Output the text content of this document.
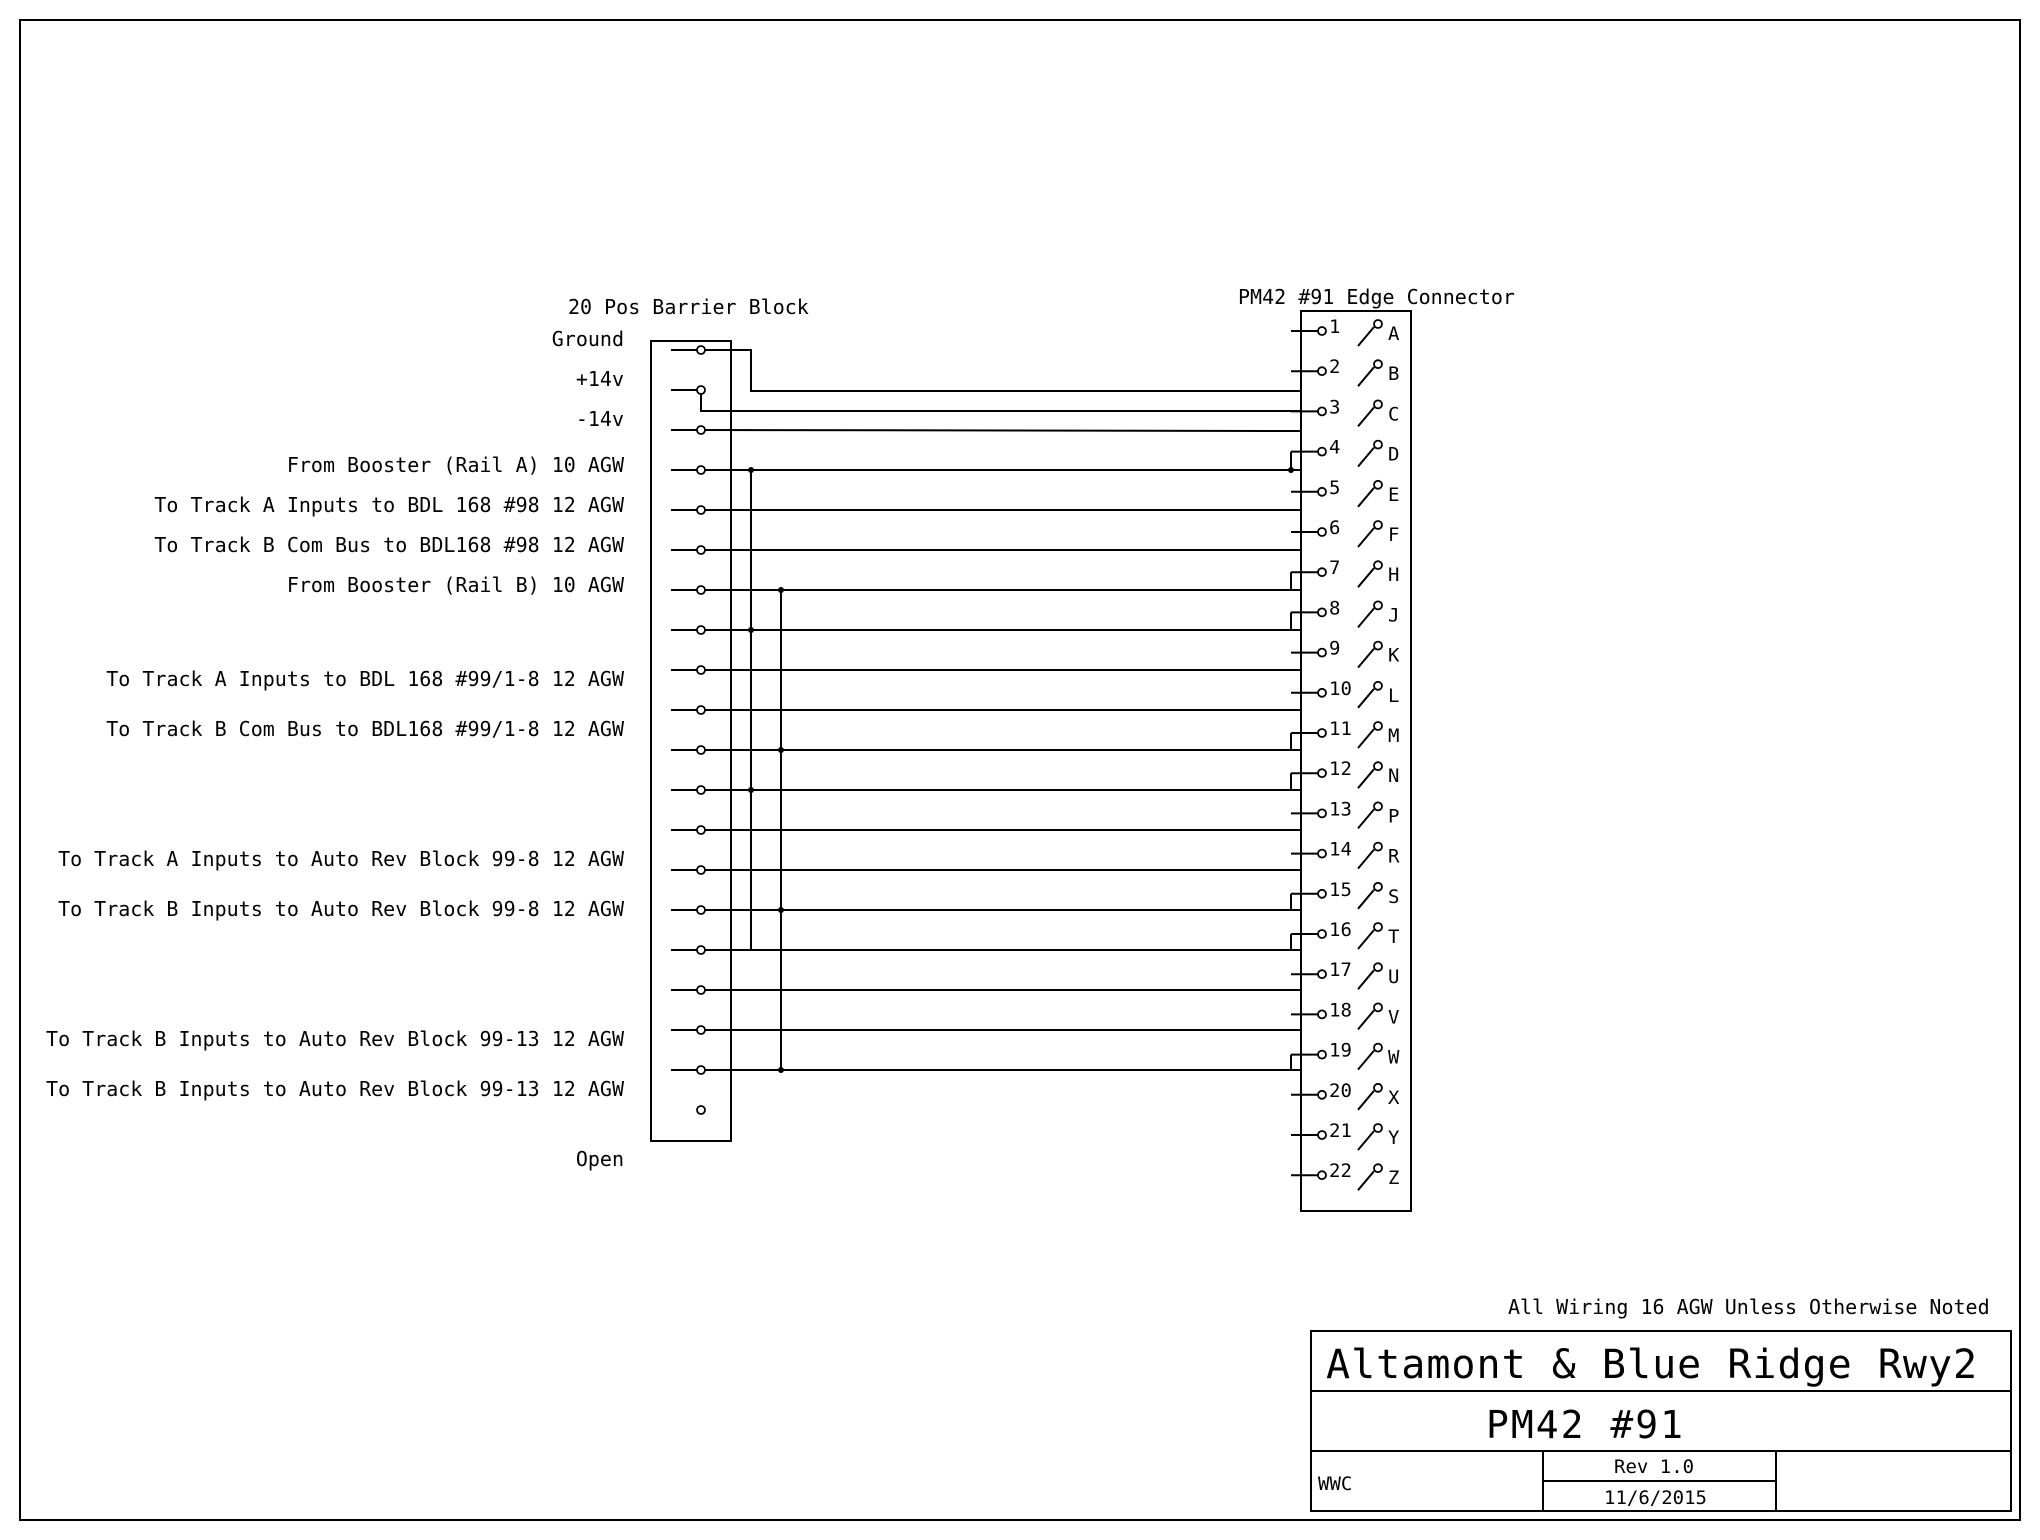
20 Pos Barrier Block	PM42 #91 Edge Connector
Ground
+14v
-14v
From Booster (Rail A) 10 AGW
To Track A Inputs to BDL 168 #98 12 AGW
To Track B Com Bus to BDL168 #98 12 AGW
From Booster (Rail B) 10 AGW
To Track A Inputs to BDL 168 #99/1-8 12 AGW
To Track B Com Bus to BDL168 #99/1-8 12 AGW
To Track A Inputs to Auto Rev Block 99-8 12 AGW
To Track B Inputs to Auto Rev Block 99-8 12 AGW
To Track B Inputs to Auto Rev Block 99-13 12 AGW
To Track B Inputs to Auto Rev Block 99-13 12 AGW
Open
1	A
2	B
3	C
4	D
5	E
6	F
7	H
8	J
9	K
10 L
11 M
12 N
13 P
14 R
15 S
16 T
17 U
18 V
19 W
20 X
21 Y
22 Z
All Wiring 16 AGW Unless Otherwise Noted
Altamont & Blue Ridge Rwy2
PM42 #91
WWC
Rev 1.0
11/6/2015
